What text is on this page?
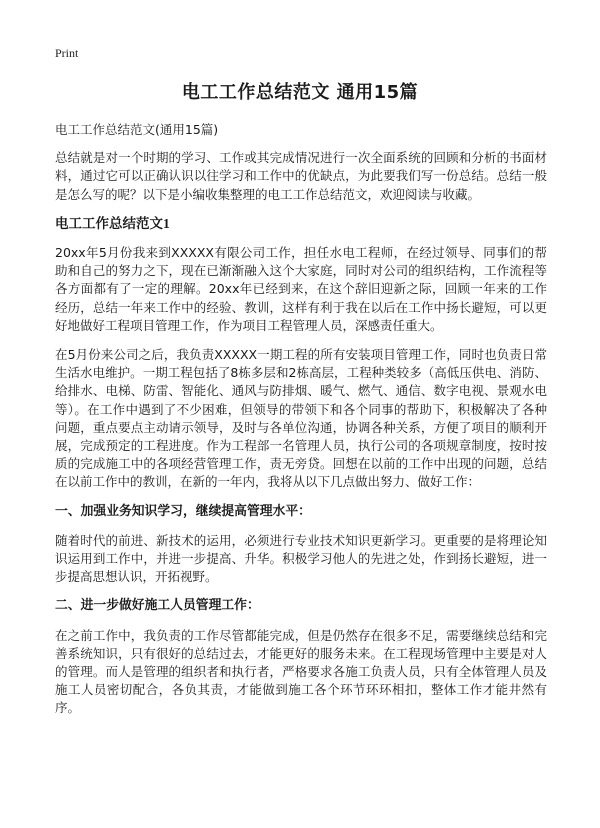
Print
电工工作总结范文 通用15篇

电工工作总结范文(通用15篇)

总结就是对一个时期的学习、工作或其完成情况进行一次全面系统的回顾和分析的书面材料，通过它可以正确认识以往学习和工作中的优缺点，为此要我们写一份总结。总结一般是怎么写的呢？以下是小编收集整理的电工工作总结范文，欢迎阅读与收藏。

电工工作总结范文1

20xx年5月份我来到XXXXX有限公司工作，担任水电工程师，在经过领导、同事们的帮助和自己的努力之下，现在已渐渐融入这个大家庭，同时对公司的组织结构，工作流程等各方面都有了一定的理解。20xx年已经到来，在这个辞旧迎新之际，回顾一年来的工作经历，总结一年来工作中的经验、教训，这样有利于我在以后在工作中扬长避短，可以更好地做好工程项目管理工作，作为项目工程管理人员，深感责任重大。

在5月份来公司之后，我负责XXXXX一期工程的所有安装项目管理工作，同时也负责日常生活水电维护。一期工程包括了8栋多层和2栋高层，工程种类较多（高低压供电、消防、给排水、电梯、防雷、智能化、通风与防排烟、暖气、燃气、通信、数字电视、景观水电等）。在工作中遇到了不少困难，但领导的带领下和各个同事的帮助下，积极解决了各种问题，重点要点主动请示领导，及时与各单位沟通，协调各种关系，方便了项目的顺利开展，完成预定的工程进度。作为工程部一名管理人员，执行公司的各项规章制度，按时按质的完成施工中的各项经营管理工作，责无旁贷。回想在以前的工作中出现的问题，总结在以前工作中的教训，在新的一年内，我将从以下几点做出努力、做好工作：

一、加强业务知识学习，继续提高管理水平：

随着时代的前进、新技术的运用，必须进行专业技术知识更新学习。更重要的是将理论知识运用到工作中，并进一步提高、升华。积极学习他人的先进之处，作到扬长避短，进一步提高思想认识，开拓视野。

二、进一步做好施工人员管理工作：

在之前工作中，我负责的工作尽管都能完成，但是仍然存在很多不足，需要继续总结和完善系统知识，只有很好的总结过去，才能更好的服务未来。在工程现场管理中主要是对人的管理。而人是管理的组织者和执行者，严格要求各施工负责人员，只有全体管理人员及施工人员密切配合，各负其责，才能做到施工各个环节环环相扣，整体工作才能井然有序。
